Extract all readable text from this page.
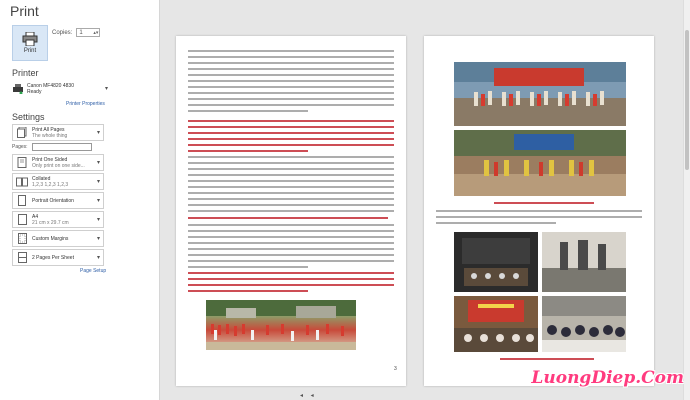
Print
Print
Copies:	1 ▴▾
Printer
Canon MF4820 4830
Ready	▾
Printer Properties
Settings
Print All Pages
The whole thing	▾
Pages:
Print One Sided
Only print on one side...	▾
Collated
1,2,3 1,2,3 1,2,3	▾
Portrait Orientation	▾
A4
21 cm x 29.7 cm	▾
Custom Margins	▾
2 Pages Per Sheet	▾
Page Setup
3
◂ ◂
LuongDiep.Com
